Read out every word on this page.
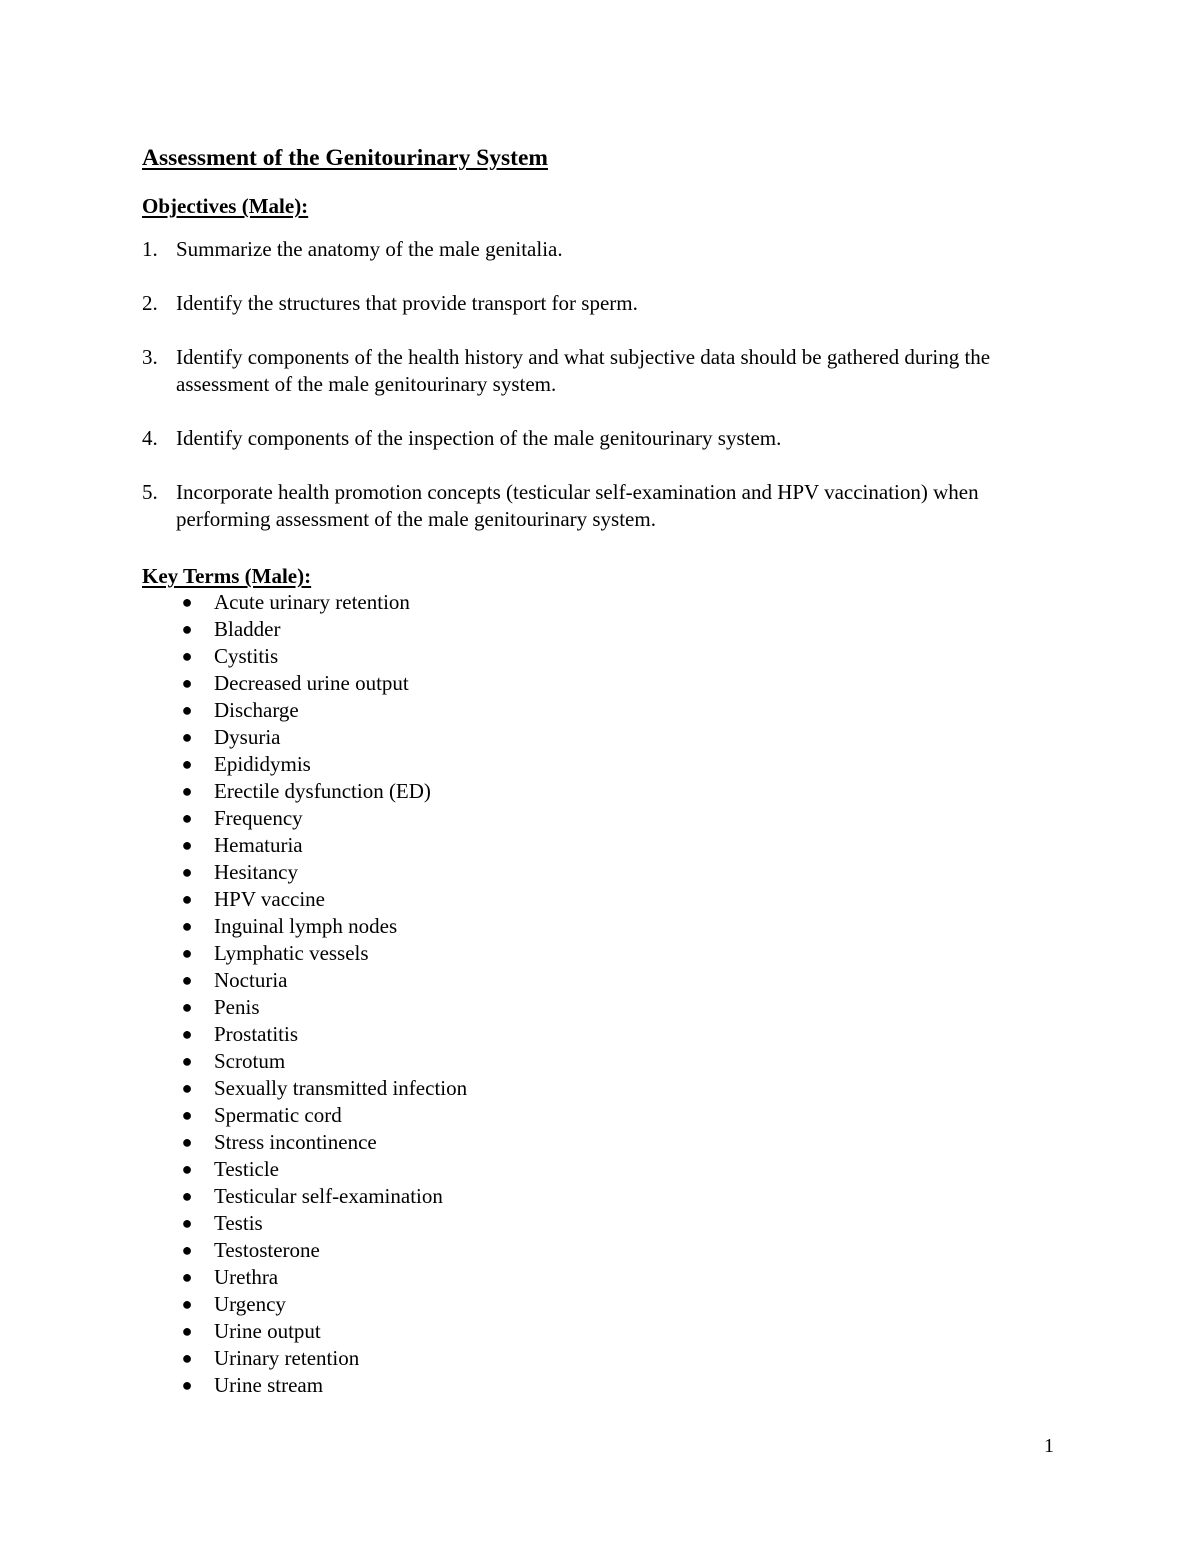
Assessment of the Genitourinary System
Objectives (Male):
1. Summarize the anatomy of the male genitalia.
2. Identify the structures that provide transport for sperm.
3. Identify components of the health history and what subjective data should be gathered during the assessment of the male genitourinary system.
4. Identify components of the inspection of the male genitourinary system.
5. Incorporate health promotion concepts (testicular self-examination and HPV vaccination) when performing assessment of the male genitourinary system.
Key Terms (Male):
● Acute urinary retention
● Bladder
● Cystitis
● Decreased urine output
● Discharge
● Dysuria
● Epididymis
● Erectile dysfunction (ED)
● Frequency
● Hematuria
● Hesitancy
● HPV vaccine
● Inguinal lymph nodes
● Lymphatic vessels
● Nocturia
● Penis
● Prostatitis
● Scrotum
● Sexually transmitted infection
● Spermatic cord
● Stress incontinence
● Testicle
● Testicular self-examination
● Testis
● Testosterone
● Urethra
● Urgency
● Urine output
● Urinary retention
● Urine stream
1
